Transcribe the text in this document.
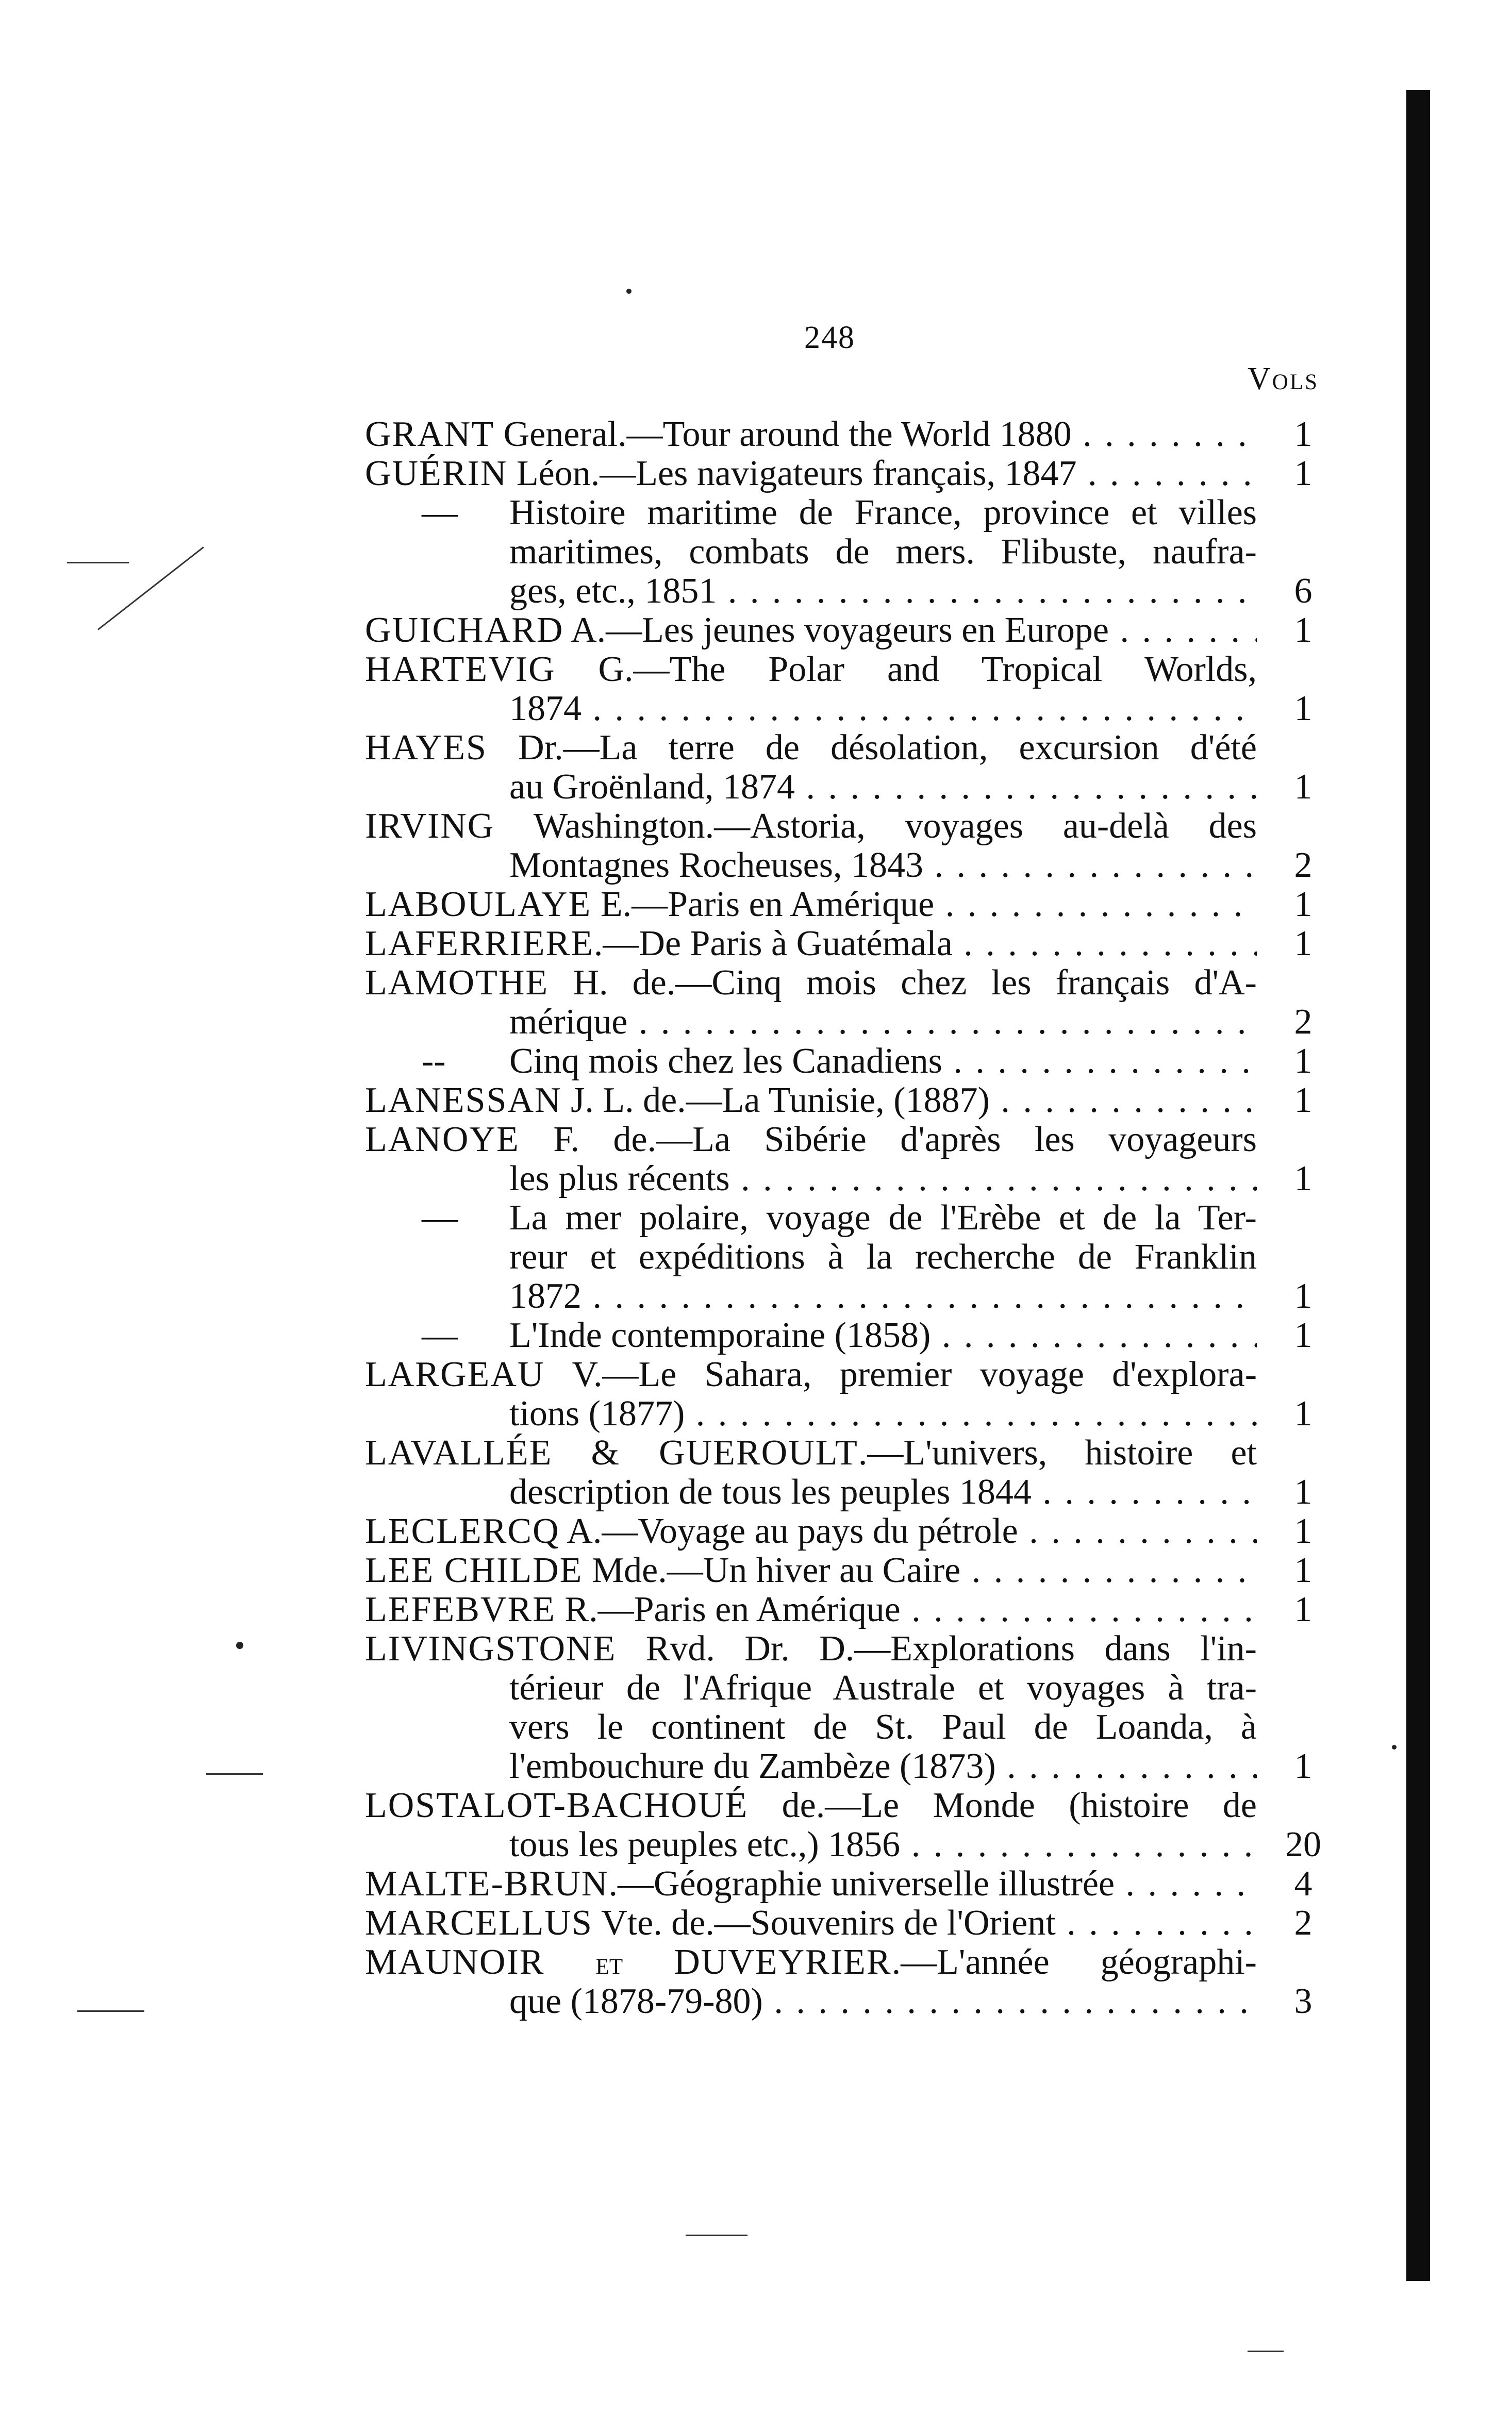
248
Vols
GRANT General.—Tour around the World 1880 . . .	1
GUÉRIN Léon.—Les navigateurs français, 1847 . . .	1
— Histoire maritime de France, province et villes
maritimes, combats de mers. Flibuste, naufra-
ges, etc., 1851 . . .	6
GUICHARD A.—Les jeunes voyageurs en Europe . . .	1
HARTEVIG G.—The Polar and Tropical Worlds,
1874 . . .	1
HAYES Dr.—La terre de désolation, excursion d'été
au Groënland, 1874 . . .	1
IRVING Washington.—Astoria, voyages au-delà des
Montagnes Rocheuses, 1843 . . .	2
LABOULAYE E.—Paris en Amérique . . .	1
LAFERRIERE.—De Paris à Guatémala . . .	1
LAMOTHE H. de.—Cinq mois chez les français d'A-
mérique . . .	2
--	Cinq mois chez les Canadiens . . .	1
LANESSAN J. L. de.—La Tunisie, (1887) . . .	1
LANOYE F. de.—La Sibérie d'après les voyageurs
les plus récents . . .	1
— La mer polaire, voyage de l'Erèbe et de la Ter-
reur et expéditions à la recherche de Franklin
1872 . . .	1
— L'Inde contemporaine (1858) . . .	1
LARGEAU V.—Le Sahara, premier voyage d'explora-
tions (1877) . . .	1
LAVALLÉE & GUEROULT.—L'univers, histoire et
description de tous les peuples 1844 . . .	1
LECLERCQ A.—Voyage au pays du pétrole . . .	1
LEE CHILDE Mde.—Un hiver au Caire . . .	1
LEFEBVRE R.—Paris en Amérique . . .	1
LIVINGSTONE Rvd. Dr. D.—Explorations dans l'in-
térieur de l'Afrique Australe et voyages à tra-
vers le continent de St. Paul de Loanda, à
l'embouchure du Zambèze (1873) . . .	1
LOSTALOT-BACHOUÉ de.—Le Monde (histoire de
tous les peuples etc.,) 1856 . . .	20
MALTE-BRUN.—Géographie universelle illustrée . . .	4
MARCELLUS Vte. de.—Souvenirs de l'Orient . . .	2
MAUNOIR et DUVEYRIER.—L'année géographi-
que (1878-79-80) . . .	3
